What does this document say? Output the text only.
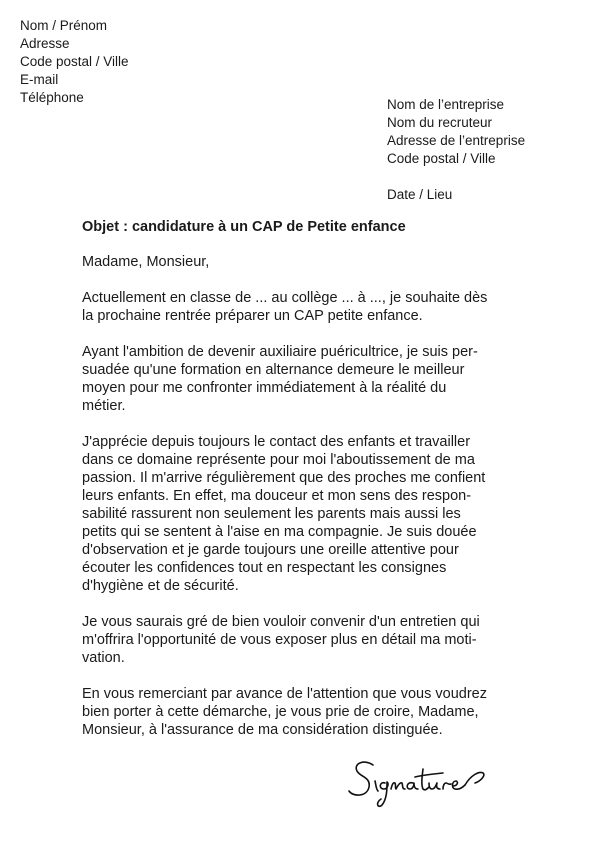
Nom / Prénom
Adresse
Code postal / Ville
E-mail
Téléphone	Nom de l’entreprise
Nom du recruteur
Adresse de l’entreprise
Code postal / Ville
Date / Lieu
Objet : candidature à un CAP de Petite enfance
Madame, Monsieur,
Actuellement en classe de ... au collège ... à ..., je souhaite dès
la prochaine rentrée préparer un CAP petite enfance.
Ayant l'ambition de devenir auxiliaire puéricultrice, je suis per-
suadée qu'une formation en alternance demeure le meilleur
moyen pour me confronter immédiatement à la réalité du
métier.
J'apprécie depuis toujours le contact des enfants et travailler
dans ce domaine représente pour moi l'aboutissement de ma
passion. Il m'arrive régulièrement que des proches me confient
leurs enfants. En effet, ma douceur et mon sens des respon-
sabilité rassurent non seulement les parents mais aussi les
petits qui se sentent à l'aise en ma compagnie. Je suis douée
d'observation et je garde toujours une oreille attentive pour
écouter les confidences tout en respectant les consignes
d'hygiène et de sécurité.
Je vous saurais gré de bien vouloir convenir d'un entretien qui
m'offrira l'opportunité de vous exposer plus en détail ma moti-
vation.
En vous remerciant par avance de l'attention que vous voudrez
bien porter à cette démarche, je vous prie de croire, Madame,
Monsieur, à l'assurance de ma considération distinguée.
